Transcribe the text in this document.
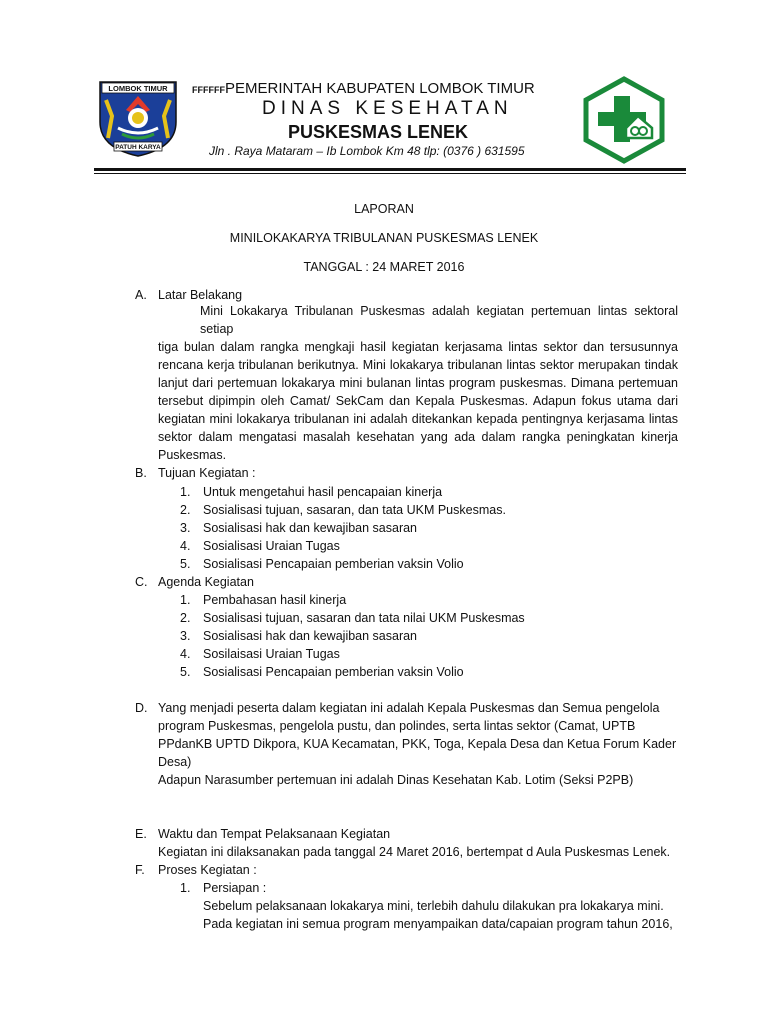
LOMBOK TIMUR
PATUH KARYA
FFFFFFPEMERINTAH KABUPATEN LOMBOK TIMUR
DINAS KESEHATAN
PUSKESMAS LENEK
Jln . Raya Mataram – Ib Lombok Km 48 tlp: (0376 ) 631595
LAPORAN
MINILOKAKARYA TRIBULANAN PUSKESMAS LENEK
TANGGAL : 24 MARET 2016
A. Latar Belakang
Mini Lokakarya Tribulanan Puskesmas adalah kegiatan pertemuan lintas sektoral setiap
tiga bulan dalam rangka mengkaji hasil kegiatan kerjasama lintas sektor dan tersusunnya
rencana kerja tribulanan berikutnya. Mini lokakarya tribulanan lintas sektor merupakan tindak
lanjut dari pertemuan lokakarya mini bulanan lintas program puskesmas. Dimana pertemuan
tersebut dipimpin oleh Camat/ SekCam dan Kepala Puskesmas. Adapun fokus utama dari
kegiatan mini lokakarya tribulanan ini adalah ditekankan kepada pentingnya kerjasama lintas
sektor dalam mengatasi masalah kesehatan yang ada dalam rangka peningkatan kinerja
Puskesmas.
B. Tujuan Kegiatan :
1. Untuk mengetahui hasil pencapaian kinerja
2. Sosialisasi tujuan, sasaran, dan tata UKM Puskesmas.
3. Sosialisasi hak dan kewajiban sasaran
4. Sosialisasi Uraian Tugas
5. Sosialisasi Pencapaian pemberian vaksin Volio
C. Agenda Kegiatan
1. Pembahasan hasil kinerja
2. Sosialisasi tujuan, sasaran dan tata nilai UKM Puskesmas
3. Sosialisasi hak dan kewajiban sasaran
4. Sosilaisasi Uraian Tugas
5. Sosialisasi Pencapaian pemberian vaksin Volio
D. Yang menjadi peserta dalam kegiatan ini adalah Kepala Puskesmas dan Semua pengelola
program Puskesmas, pengelola pustu, dan polindes, serta lintas sektor (Camat, UPTB
PPdanKB UPTD Dikpora, KUA Kecamatan, PKK, Toga, Kepala Desa dan Ketua Forum Kader
Desa)
Adapun Narasumber pertemuan ini adalah Dinas Kesehatan Kab. Lotim (Seksi P2PB)
E. Waktu dan Tempat Pelaksanaan Kegiatan
Kegiatan ini dilaksanakan pada tanggal 24 Maret 2016, bertempat d Aula Puskesmas Lenek.
F. Proses Kegiatan :
1. Persiapan :
Sebelum pelaksanaan lokakarya mini, terlebih dahulu dilakukan pra lokakarya mini.
Pada kegiatan ini semua program menyampaikan data/capaian program tahun 2016,
